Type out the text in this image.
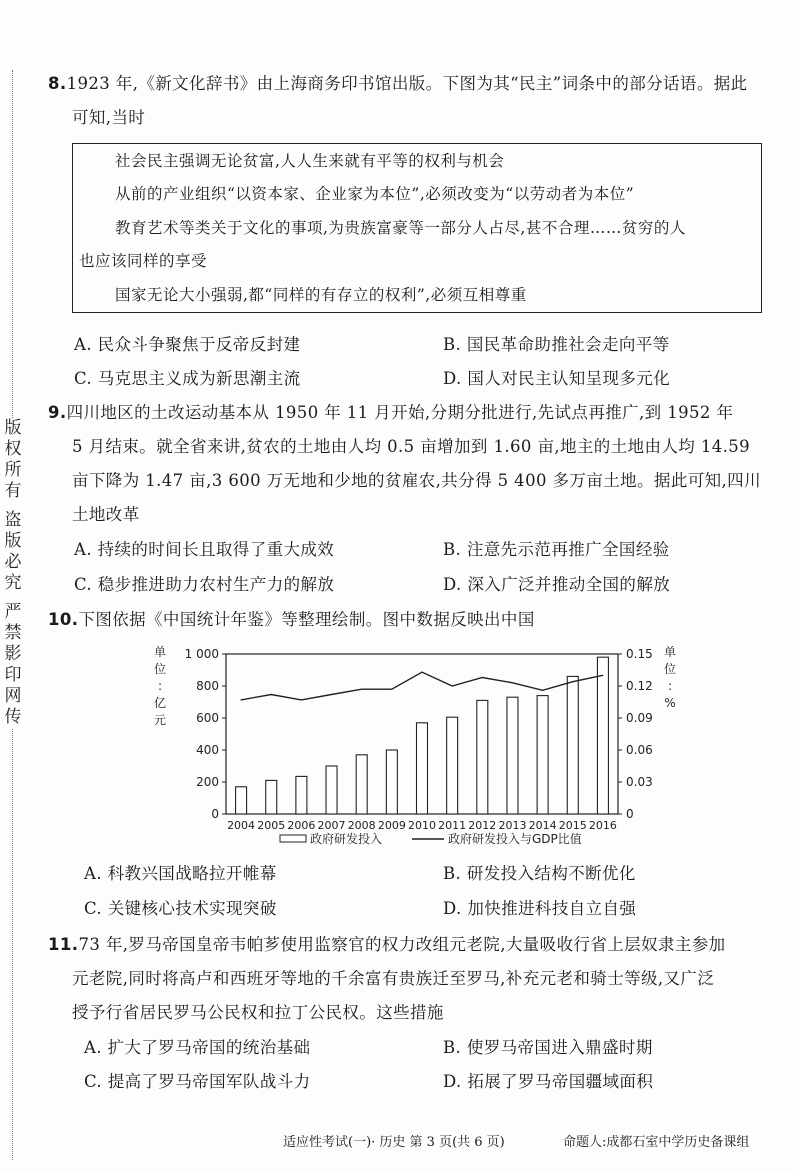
版
权
所
有
盗
版
必
究
严
禁
影
印
网
传
8.1923 年,《新文化辞书》由上海商务印书馆出版。下图为其“民主”词条中的部分话语。据此
可知,当时
社会民主强调无论贫富,人人生来就有平等的权利与机会
从前的产业组织“以资本家、企业家为本位”,必须改变为“以劳动者为本位”
教育艺术等类关于文化的事项,为贵族富豪等一部分人占尽,甚不合理……贫穷的人
也应该同样的享受
国家无论大小强弱,都“同样的有存立的权利”,必须互相尊重
A. 民众斗争聚焦于反帝反封建	B. 国民革命助推社会走向平等
C. 马克思主义成为新思潮主流	D. 国人对民主认知呈现多元化
9.四川地区的土改运动基本从 1950 年 11 月开始,分期分批进行,先试点再推广,到 1952 年
5 月结束。就全省来讲,贫农的土地由人均 0.5 亩增加到 1.60 亩,地主的土地由人均 14.59
亩下降为 1.47 亩,3 600 万无地和少地的贫雇农,共分得 5 400 多万亩土地。据此可知,四川
土地改革
A. 持续的时间长且取得了重大成效	B. 注意先示范再推广全国经验
C. 稳步推进助力农村生产力的解放	D. 深入广泛并推动全国的解放
10.下图依据《中国统计年鉴》等整理绘制。图中数据反映出中国
0
200
400
600
800
1 000
0
0.03
0.06
0.09
0.12
0.15
2004 2005 2006 2007 2008 2009 2010 2011 2012 2013 2014 2015 2016
单
位
:
亿
元
单
位
:
%
政府研发投入	政府研发投入与GDP比值
A. 科教兴国战略拉开帷幕	B. 研发投入结构不断优化
C. 关键核心技术实现突破	D. 加快推进科技自立自强
11.73 年,罗马帝国皇帝韦帕芗使用监察官的权力改组元老院,大量吸收行省上层奴隶主参加
元老院,同时将高卢和西班牙等地的千余富有贵族迁至罗马,补充元老和骑士等级,又广泛
授予行省居民罗马公民权和拉丁公民权。这些措施
A. 扩大了罗马帝国的统治基础	B. 使罗马帝国进入鼎盛时期
C. 提高了罗马帝国军队战斗力	D. 拓展了罗马帝国疆域面积
适应性考试(一)· 历史 第 3 页(共 6 页)	命题人:成都石室中学历史备课组
